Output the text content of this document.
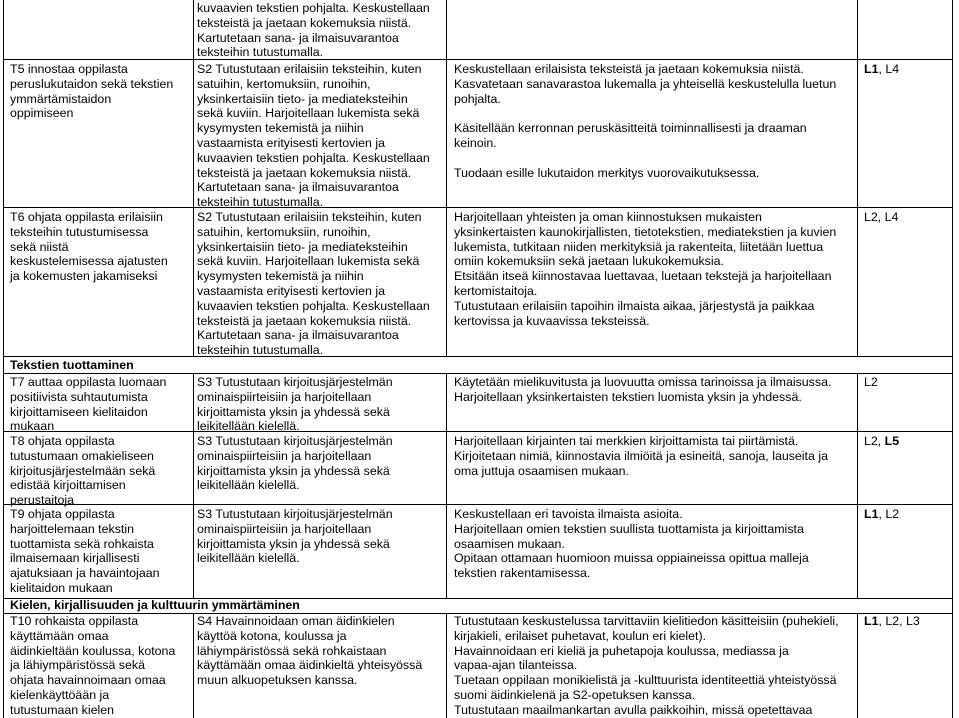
kuvaavien tekstien pohjalta. Keskustellaan
teksteistä ja jaetaan kokemuksia niistä.
Kartutetaan sana- ja ilmaisuvarantoa
teksteihin tutustumalla.
T5 innostaa oppilasta
peruslukutaidon sekä tekstien
ymmärtämistaidon
oppimiseen
S2 Tutustutaan erilaisiin teksteihin, kuten
satuihin, kertomuksiin, runoihin,
yksinkertaisiin tieto- ja mediateksteihin
sekä kuviin. Harjoitellaan lukemista sekä
kysymysten tekemistä ja niihin
vastaamista erityisesti kertovien ja
kuvaavien tekstien pohjalta. Keskustellaan
teksteistä ja jaetaan kokemuksia niistä.
Kartutetaan sana- ja ilmaisuvarantoa
teksteihin tutustumalla.
Keskustellaan erilaisista teksteistä ja jaetaan kokemuksia niistä.
Kasvatetaan sanavarastoa lukemalla ja yhteisellä keskustelulla luetun
pohjalta.

Käsitellään kerronnan peruskäsitteitä toiminnallisesti ja draaman
keinoin.

Tuodaan esille lukutaidon merkitys vuorovaikutuksessa.
L1, L4
T6 ohjata oppilasta erilaisiin
teksteihin tutustumisessa
sekä niistä
keskustelemisessa ajatusten
ja kokemusten jakamiseksi
S2 Tutustutaan erilaisiin teksteihin, kuten
satuihin, kertomuksiin, runoihin,
yksinkertaisiin tieto- ja mediateksteihin
sekä kuviin. Harjoitellaan lukemista sekä
kysymysten tekemistä ja niihin
vastaamista erityisesti kertovien ja
kuvaavien tekstien pohjalta. Keskustellaan
teksteistä ja jaetaan kokemuksia niistä.
Kartutetaan sana- ja ilmaisuvarantoa
teksteihin tutustumalla.
Harjoitellaan yhteisten ja oman kiinnostuksen mukaisten
yksinkertaisten kaunokirjallisten, tietotekstien, mediatekstien ja kuvien
lukemista, tutkitaan niiden merkityksiä ja rakenteita, liitetään luettua
omiin kokemuksiin sekä jaetaan lukukokemuksia.
Etsitään itseä kiinnostavaa luettavaa, luetaan tekstejä ja harjoitellaan
kertomistaitoja.
Tutustutaan erilaisiin tapoihin ilmaista aikaa, järjestystä ja paikkaa
kertovissa ja kuvaavissa teksteissä.
L2, L4
Tekstien tuottaminen
T7 auttaa oppilasta luomaan
positiivista suhtautumista
kirjoittamiseen kielitaidon
mukaan
S3 Tutustutaan kirjoitusjärjestelmän
ominaispiirteisiin ja harjoitellaan
kirjoittamista yksin ja yhdessä sekä
leikitellään kielellä.
Käytetään mielikuvitusta ja luovuutta omissa tarinoissa ja ilmaisussa.
Harjoitellaan yksinkertaisten tekstien luomista yksin ja yhdessä.
L2
T8 ohjata oppilasta
tutustumaan omakieliseen
kirjoitusjärjestelmään sekä
edistää kirjoittamisen
perustaitoja
S3 Tutustutaan kirjoitusjärjestelmän
ominaispiirteisiin ja harjoitellaan
kirjoittamista yksin ja yhdessä sekä
leikitellään kielellä.
Harjoitellaan kirjainten tai merkkien kirjoittamista tai piirtämistä.
Kirjoitetaan nimiä, kiinnostavia ilmiöitä ja esineitä, sanoja, lauseita ja
oma juttuja osaamisen mukaan.
L2, L5
T9 ohjata oppilasta
harjoittelemaan tekstin
tuottamista sekä rohkaista
ilmaisemaan kirjallisesti
ajatuksiaan ja havaintojaan
kielitaidon mukaan
S3 Tutustutaan kirjoitusjärjestelmän
ominaispiirteisiin ja harjoitellaan
kirjoittamista yksin ja yhdessä sekä
leikitellään kielellä.
Keskustellaan eri tavoista ilmaista asioita.
Harjoitellaan omien tekstien suullista tuottamista ja kirjoittamista
osaamisen mukaan.
Opitaan ottamaan huomioon muissa oppiaineissa opittua malleja
tekstien rakentamisessa.
L1, L2
Kielen, kirjallisuuden ja kulttuurin ymmärtäminen
T10 rohkaista oppilasta
käyttämään omaa
äidinkieltään koulussa, kotona
ja lähiympäristössä sekä
ohjata havainnoimaan omaa
kielenkäyttöään ja
tutustumaan kielen
S4 Havainnoidaan oman äidinkielen
käyttöä kotona, koulussa ja
lähiympäristössä sekä rohkaistaan
käyttämään omaa äidinkieltä yhteisyössä
muun alkuopetuksen kanssa.
Tutustutaan keskustelussa tarvittaviin kielitiedon käsitteisiin (puhekieli,
kirjakieli, erilaiset puhetavat, koulun eri kielet).
Havainnoidaan eri kieliä ja puhetapoja koulussa, mediassa ja
vapaa-ajan tilanteissa.
Tuetaan oppilaan monikielistä ja -kulttuurista identiteettiä yhteistyössä
suomi äidinkielenä ja S2-opetuksen kanssa.
Tutustutaan maailmankartan avulla paikkoihin, missä opetettavaa
L1, L2, L3
